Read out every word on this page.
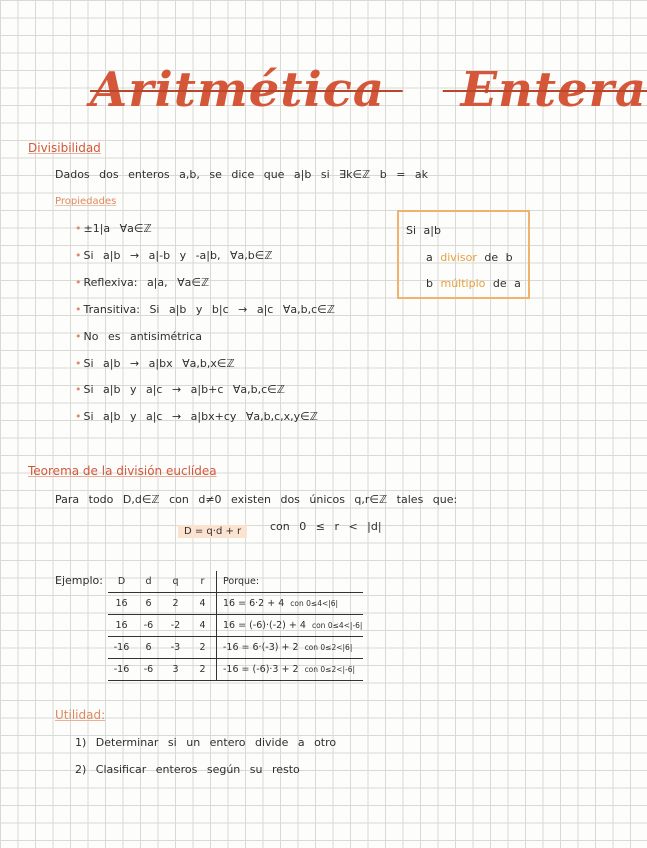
Aritmética Entera
Divisibilidad
Dados dos enteros a,b, se dice que a|b si ∃k∈ℤ b = ak
Propiedades
• ±1|a ∀a∈ℤ
• Si a|b → a|-b y -a|b, ∀a,b∈ℤ
• Reflexiva: a|a, ∀a∈ℤ
• Transitiva: Si a|b y b|c → a|c ∀a,b,c∈ℤ
• No es antisimétrica
• Si a|b → a|bx ∀a,b,x∈ℤ
• Si a|b y a|c → a|b+c ∀a,b,c∈ℤ
• Si a|b y a|c → a|bx+cy ∀a,b,c,x,y∈ℤ
Si a|b
a divisor de b
b múltiplo de a
Teorema de la división euclídea
Para todo D,d∈ℤ con d≠0 existen dos únicos q,r∈ℤ tales que:
D = q·d + r	con 0 ≤ r < |d|
Ejemplo: D	d	q	r	Porque:
16	6	2	4	16 = 6·2 + 4 con 0≤4<|6|
16	-6	-2	4	16 = (-6)·(-2) + 4 con 0≤4<|-6|
-16	6	-3	2	-16 = 6·(-3) + 2 con 0≤2<|6|
-16	-6	3	2	-16 = (-6)·3 + 2 con 0≤2<|-6|
Utilidad:
1) Determinar si un entero divide a otro
2) Clasificar enteros según su resto
